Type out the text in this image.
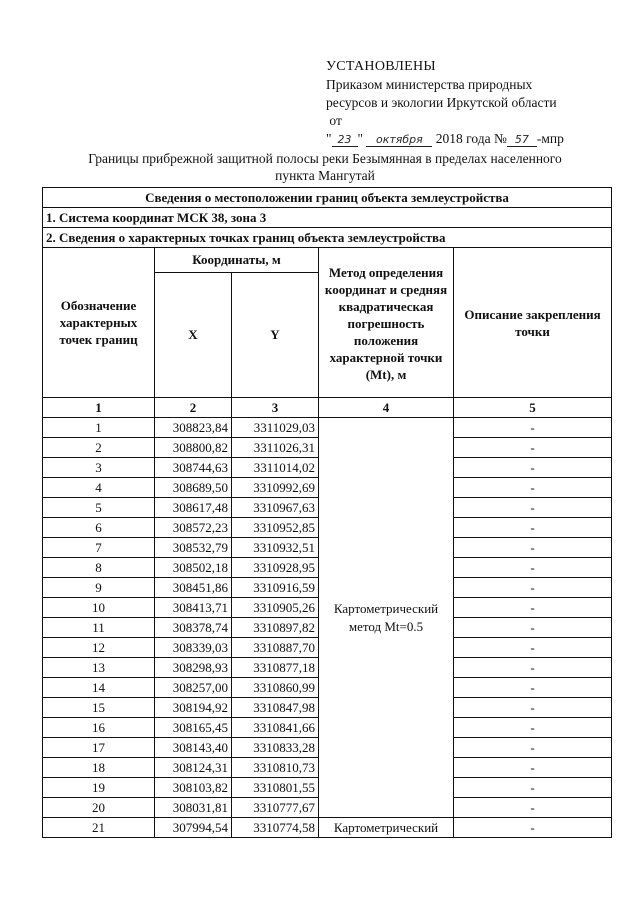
УСТАНОВЛЕНЫ
Приказом министерства природных
ресурсов и экологии Иркутской области
от
" 23 " октября 2018 года № 57 -мпр
Границы прибрежной защитной полосы реки Безымянная в пределах населенного
пункта Мангутай
Сведения о местоположении границ объекта землеустройства				
1. Система координат МСК 38, зона 3				
2. Сведения о характерных точках границ объекта землеустройства				
Обозначение характерных точек границ	Координаты, м		Метод определения координат и средняя квадратическая погрешность положения характерной точки (Mt), м	Описание закрепления точки
	X	Y		
1	2	3	4	5
1	308823,84	3311029,03	Картометрический метод Mt=0.5	-
2	308800,82	3311026,31		-
3	308744,63	3311014,02		-
4	308689,50	3310992,69		-
5	308617,48	3310967,63		-
6	308572,23	3310952,85		-
7	308532,79	3310932,51		-
8	308502,18	3310928,95		-
9	308451,86	3310916,59		-
10	308413,71	3310905,26		-
11	308378,74	3310897,82		-
12	308339,03	3310887,70		-
13	308298,93	3310877,18		-
14	308257,00	3310860,99		-
15	308194,92	3310847,98		-
16	308165,45	3310841,66		-
17	308143,40	3310833,28		-
18	308124,31	3310810,73		-
19	308103,82	3310801,55		-
20	308031,81	3310777,67		-
21	307994,54	3310774,58	Картометрический	-
